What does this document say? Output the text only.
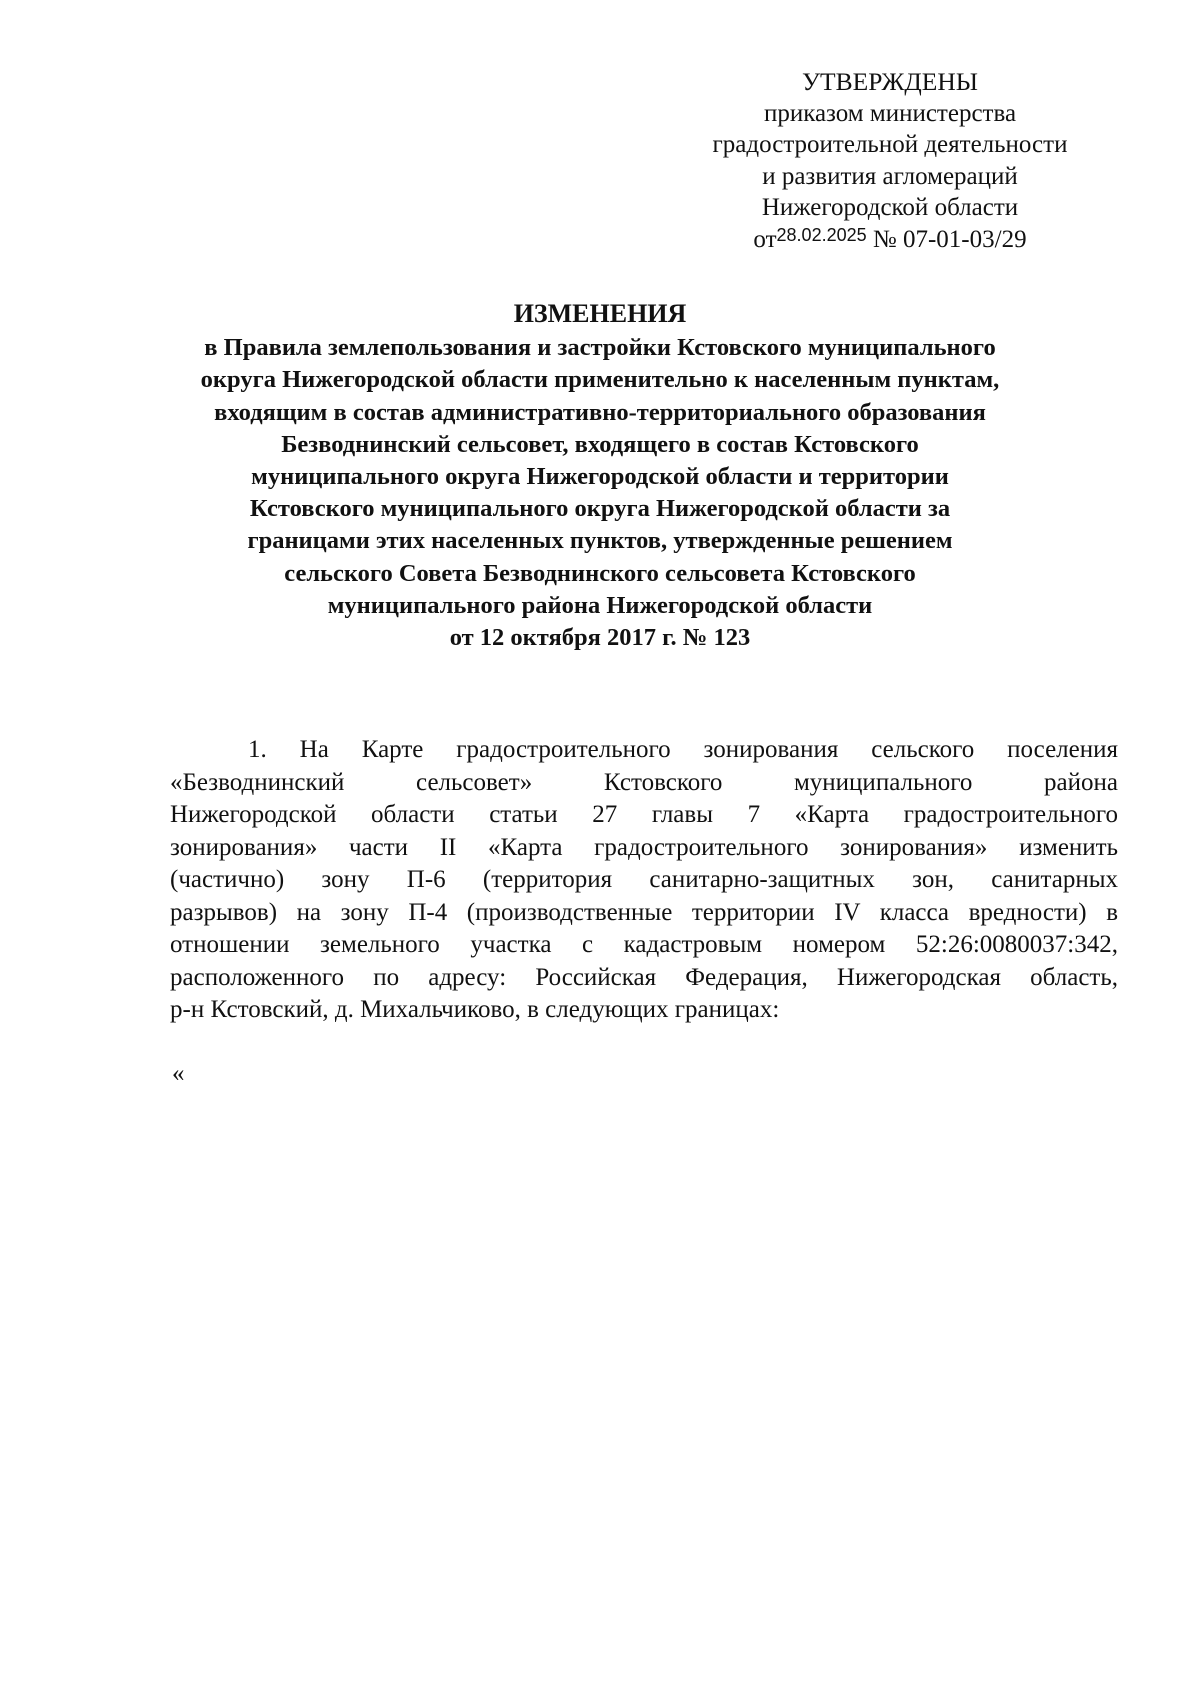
УТВЕРЖДЕНЫ
приказом министерства
градостроительной деятельности
и развития агломераций
Нижегородской области
$от^{28.02.2025}$ № 07-01-03/29
ИЗМЕНЕНИЯ
в Правила землепользования и застройки Кстовского муниципального
округа Нижегородской области применительно к населенным пунктам,
входящим в состав административно-территориального образования
Безводнинский сельсовет, входящего в состав Кстовского
муниципального округа Нижегородской области и территории
Кстовского муниципального округа Нижегородской области за
границами этих населенных пунктов, утвержденные решением
сельского Совета Безводнинского сельсовета Кстовского
муниципального района Нижегородской области
от 12 октября 2017 г. № 123
1. На Карте градостроительного зонирования сельского поселения
«Безводнинский сельсовет» Кстовского муниципального района
Нижегородской области статьи 27 главы 7 «Карта градостроительного
зонирования» части II «Карта градостроительного зонирования» изменить
(частично) зону П-6 (территория санитарно-защитных зон, санитарных
разрывов) на зону П-4 (производственные территории IV класса вредности) в
отношении земельного участка с кадастровым номером 52:26:0080037:342,
расположенного по адресу: Российская Федерация, Нижегородская область,
р-н Кстовский, д. Михальчиково, в следующих границах:
«
